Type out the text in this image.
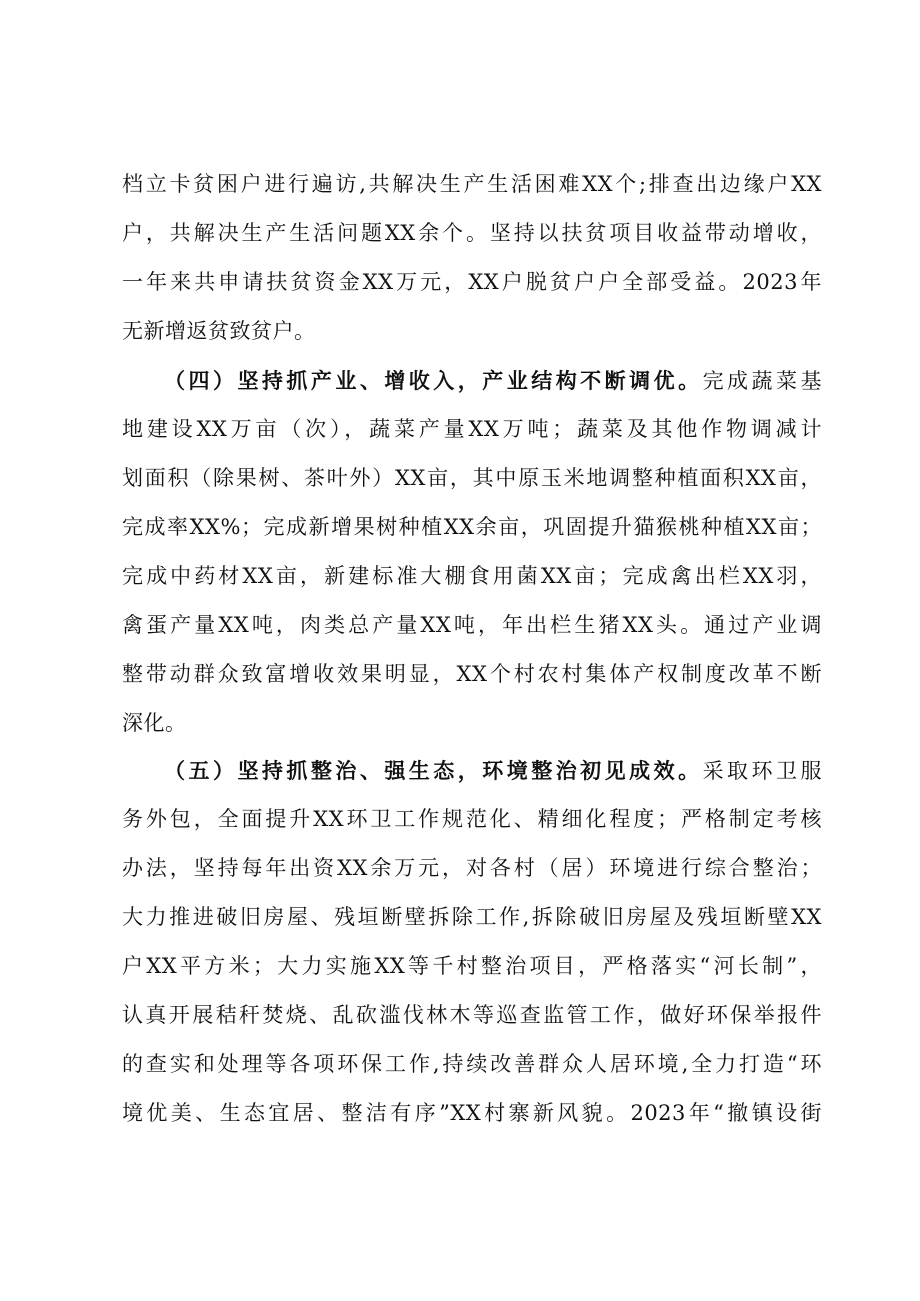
档立卡贫困户进行遍访,共解决生产生活困难XX个;排查出边缘户XX
户，共解决生产生活问题XX余个。坚持以扶贫项目收益带动增收，
一年来共申请扶贫资金XX万元，XX户脱贫户户全部受益。2023年
无新增返贫致贫户。
（四）坚持抓产业、增收入，产业结构不断调优。完成蔬菜基
地建设XX万亩（次），蔬菜产量XX万吨；蔬菜及其他作物调减计
划面积（除果树、茶叶外）XX亩，其中原玉米地调整种植面积XX亩，
完成率XX%；完成新增果树种植XX余亩，巩固提升猫猴桃种植XX亩；
完成中药材XX亩，新建标准大棚食用菌XX亩；完成禽出栏XX羽，
禽蛋产量XX吨，肉类总产量XX吨，年出栏生猪XX头。通过产业调
整带动群众致富增收效果明显，XX个村农村集体产权制度改革不断
深化。
（五）坚持抓整治、强生态，环境整治初见成效。采取环卫服
务外包，全面提升XX环卫工作规范化、精细化程度；严格制定考核
办法，坚持每年出资XX余万元，对各村（居）环境进行综合整治；
大力推进破旧房屋、残垣断壁拆除工作,拆除破旧房屋及残垣断壁XX
户XX平方米；大力实施XX等千村整治项目，严格落实“河长制”，
认真开展秸秆焚烧、乱砍滥伐林木等巡查监管工作，做好环保举报件
的查实和处理等各项环保工作,持续改善群众人居环境,全力打造“环
境优美、生态宜居、整洁有序”XX村寨新风貌。2023年“撤镇设街
